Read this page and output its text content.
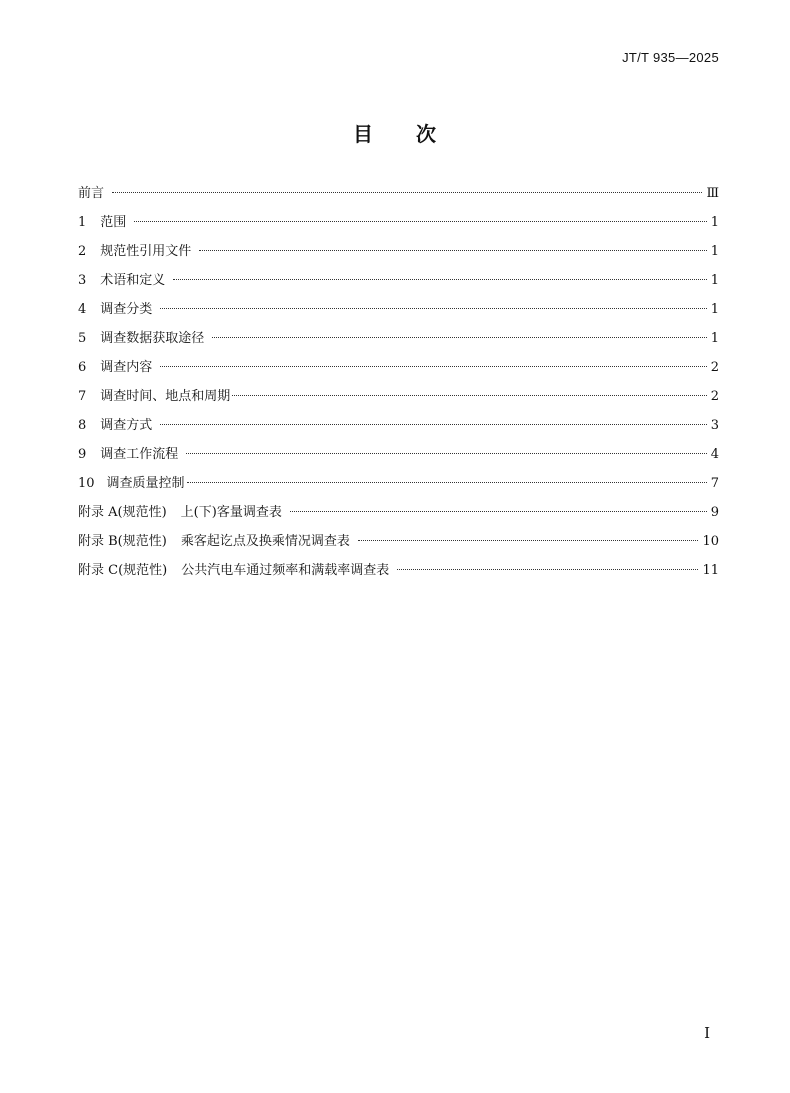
JT/T 935—2025
目 次
前言	Ⅲ
1 范围	1
2 规范性引用文件	1
3 术语和定义	1
4 调查分类	1
5 调查数据获取途径	1
6 调查内容	2
7 调查时间、地点和周期	2
8 调查方式	3
9 调查工作流程	4
10 调查质量控制	7
附录 A(规范性) 上(下)客量调查表	9
附录 B(规范性) 乘客起讫点及换乘情况调查表	10
附录 C(规范性) 公共汽电车通过频率和满载率调查表	11
I
